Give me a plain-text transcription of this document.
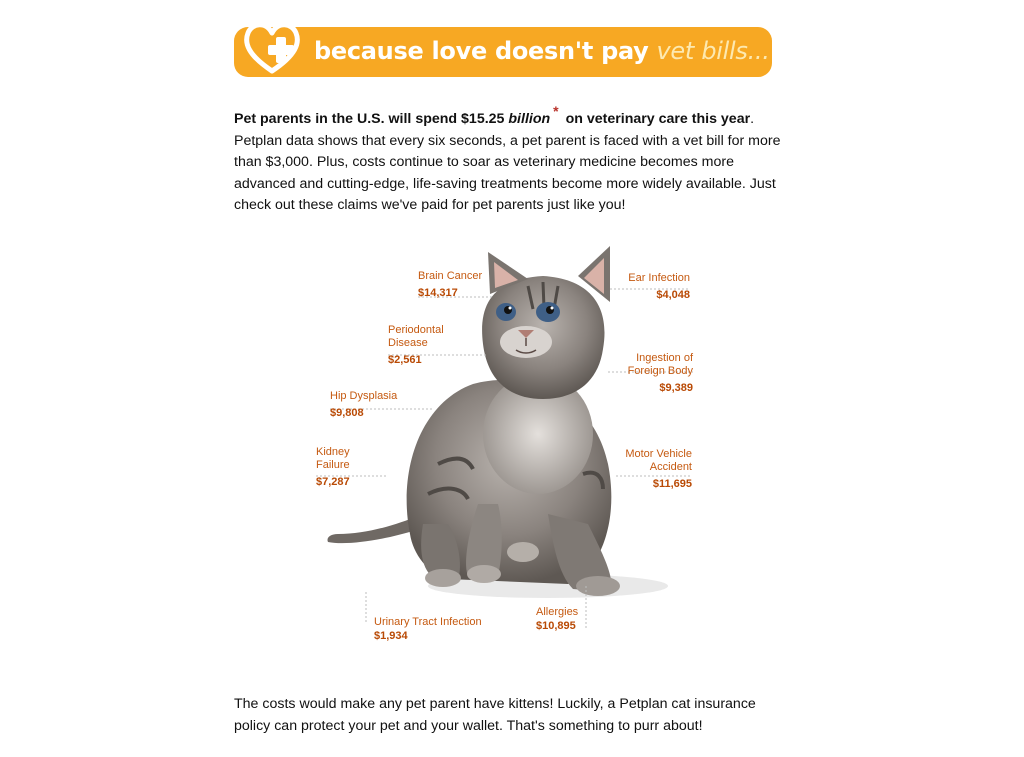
because love doesn't pay vet bills...
Pet parents in the U.S. will spend $15.25 billion * on veterinary care this year. Petplan data shows that every six seconds, a pet parent is faced with a vet bill for more than $3,000. Plus, costs continue to soar as veterinary medicine becomes more advanced and cutting-edge, life-saving treatments become more widely available. Just check out these claims we've paid for pet parents just like you!
Brain Cancer
$14,317
Ear Infection
$4,048
Periodontal Disease
$2,561	Ingestion of Foreign Body
$9,389
Hip Dysplasia
$9,808
Kidney Failure
$7,287
Motor Vehicle Accident
$11,695
Urinary Tract Infection
$1,934
Allergies
$10,895
The costs would make any pet parent have kittens! Luckily, a Petplan cat insurance policy can protect your pet and your wallet. That's something to purr about!
